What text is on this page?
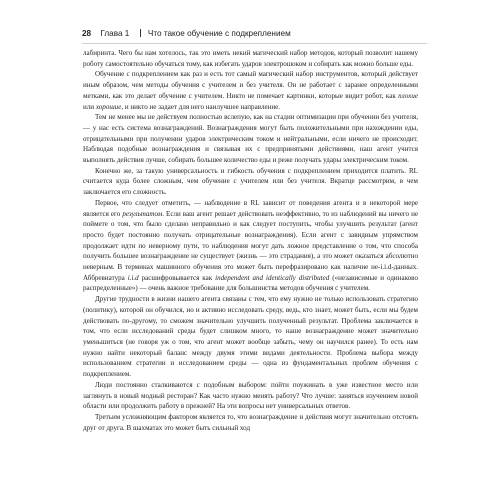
28 Глава 1 Что такое обучение с подкреплением

лабиринта. Чего бы нам хотелось, так это иметь некий магический набор методов, который позволит нашему роботу самостоятельно обучаться тому, как избегать ударов электрошоком и собирать как можно больше еды.

Обучение с подкреплением как раз и есть тот самый магический набор инструментов, который действует иным образом, чем методы обучения с учителем и без учителя. Он не работает с заранее определенными метками, как это делает обучение с учителем. Никто не помечает картинки, которые видит робот, как плохие или хорошие, и никто не задает для него наилучшее направление.

Тем не менее мы не действуем полностью вслепую, как на стадии оптимизации при обучении без учителя, — у нас есть система вознаграждений. Вознаграждения могут быть положительными при нахождении еды, отрицательными при получении ударов электрическим током и нейтральными, если ничего не происходит. Наблюдая подобные вознаграждения и связывая их с предпринятыми действиями, наш агент учится выполнять действия лучше, собирать большее количество еды и реже получать удары электрическим током.

Конечно же, за такую универсальность и гибкость обучения с подкреплением приходится платить. RL считается куда более сложным, чем обучение с учителем или без учителя. Вкратце рассмотрим, в чем заключается его сложность.

Первое, что следует отметить, — наблюдение в RL зависит от поведения агента и в некоторой мере является его результатом. Если ваш агент решает действовать неэффективно, то из наблюдений вы ничего не поймете о том, что было сделано неправильно и как следует поступить, чтобы улучшить результат (агент просто будет постоянно получать отрицательные вознаграждения). Если агент с завидным упрямством продолжает идти по неверному пути, то наблюдения могут дать ложное представление о том, что способа получить большее вознаграждение не существует (жизнь — это страдания), а это может оказаться абсолютно неверным. В терминах машинного обучения это может быть перефразировано как наличие не-i.i.d-данных. Аббревиатура i.i.d расшифровывается как independent and identically distributed («независимые и одинаково распределенные») — очень важное требование для большинства методов обучения с учителем.

Другие трудности в жизни нашего агента связаны с тем, что ему нужно не только использовать стратегию (политику), которой он обучился, но и активно исследовать среду, ведь, кто знает, может быть, если мы будем действовать по-другому, то сможем значительно улучшить полученный результат. Проблема заключается в том, что если исследований среды будет слишком много, то наше вознаграждение может значительно уменьшиться (не говоря уж о том, что агент может вообще забыть, чему он научился ранее). То есть нам нужно найти некоторый баланс между двумя этими видами деятельности. Проблема выбора между использованием стратегии и исследованием среды — одна из фундаментальных проблем обучения с подкреплением.

Люди постоянно сталкиваются с подобным выбором: пойти поужинать в уже известное место или заглянуть в новый модный ресторан? Как часто нужно менять работу? Что лучше: заняться изучением новой области или продолжить работу в прежней? На эти вопросы нет универсальных ответов.

Третьим усложняющим фактором является то, что вознаграждение и действия могут значительно отстоять друг от друга. В шахматах это может быть сильный ход
